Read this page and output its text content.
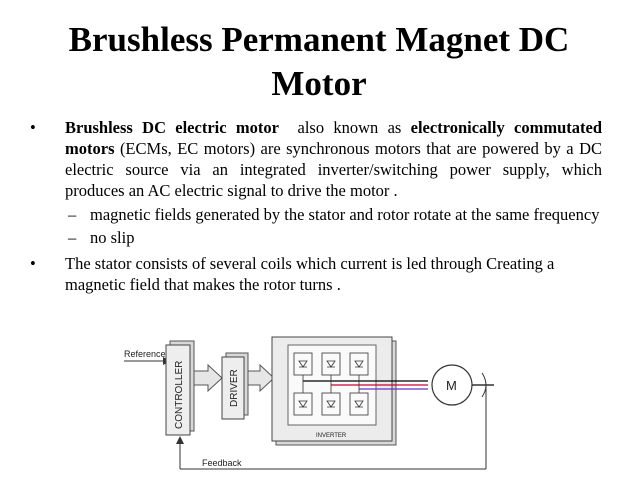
Brushless Permanent Magnet DC
Motor
• Brushless DC electric motor  also known as electronically commutated motors (ECMs, EC motors) are synchronous motors that are powered by a DC electric source via an integrated inverter/switching power supply, which produces an AC electric signal to drive the motor .
– magnetic fields generated by the stator and rotor rotate at the same frequency
– no slip
• The stator consists of several coils which current is led through Creating a magnetic field that makes the rotor turns .
Reference
CONTROLLER	DRIVER
INVERTER
M
Feedback
